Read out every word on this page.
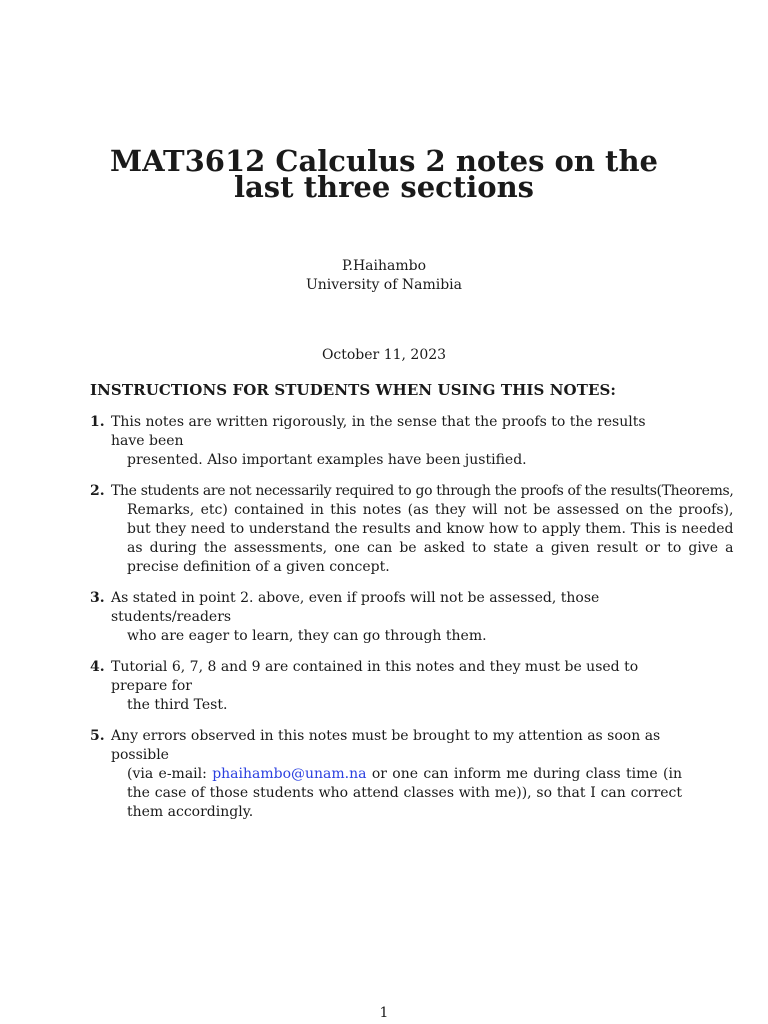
MAT3612 Calculus 2 notes on the
last three sections
P.Haihambo
University of Namibia
October 11, 2023
INSTRUCTIONS FOR STUDENTS WHEN USING THIS NOTES:
1. This notes are written rigorously, in the sense that the proofs to the results have been
presented. Also important examples have been justified.
2. The students are not necessarily required to go through the proofs of the results(Theorems,
Remarks, etc) contained in this notes (as they will not be assessed on the proofs), but they need to understand the results and know how to apply them. This is needed as during the assessments, one can be asked to state a given result or to give a precise definition of a given concept.
3. As stated in point 2. above, even if proofs will not be assessed, those students/readers
who are eager to learn, they can go through them.
4. Tutorial 6, 7, 8 and 9 are contained in this notes and they must be used to prepare for
the third Test.
5. Any errors observed in this notes must be brought to my attention as soon as possible
(via e-mail: phaihambo@unam.na or one can inform me during class time (in the case of those students who attend classes with me)), so that I can correct them accordingly.
1
